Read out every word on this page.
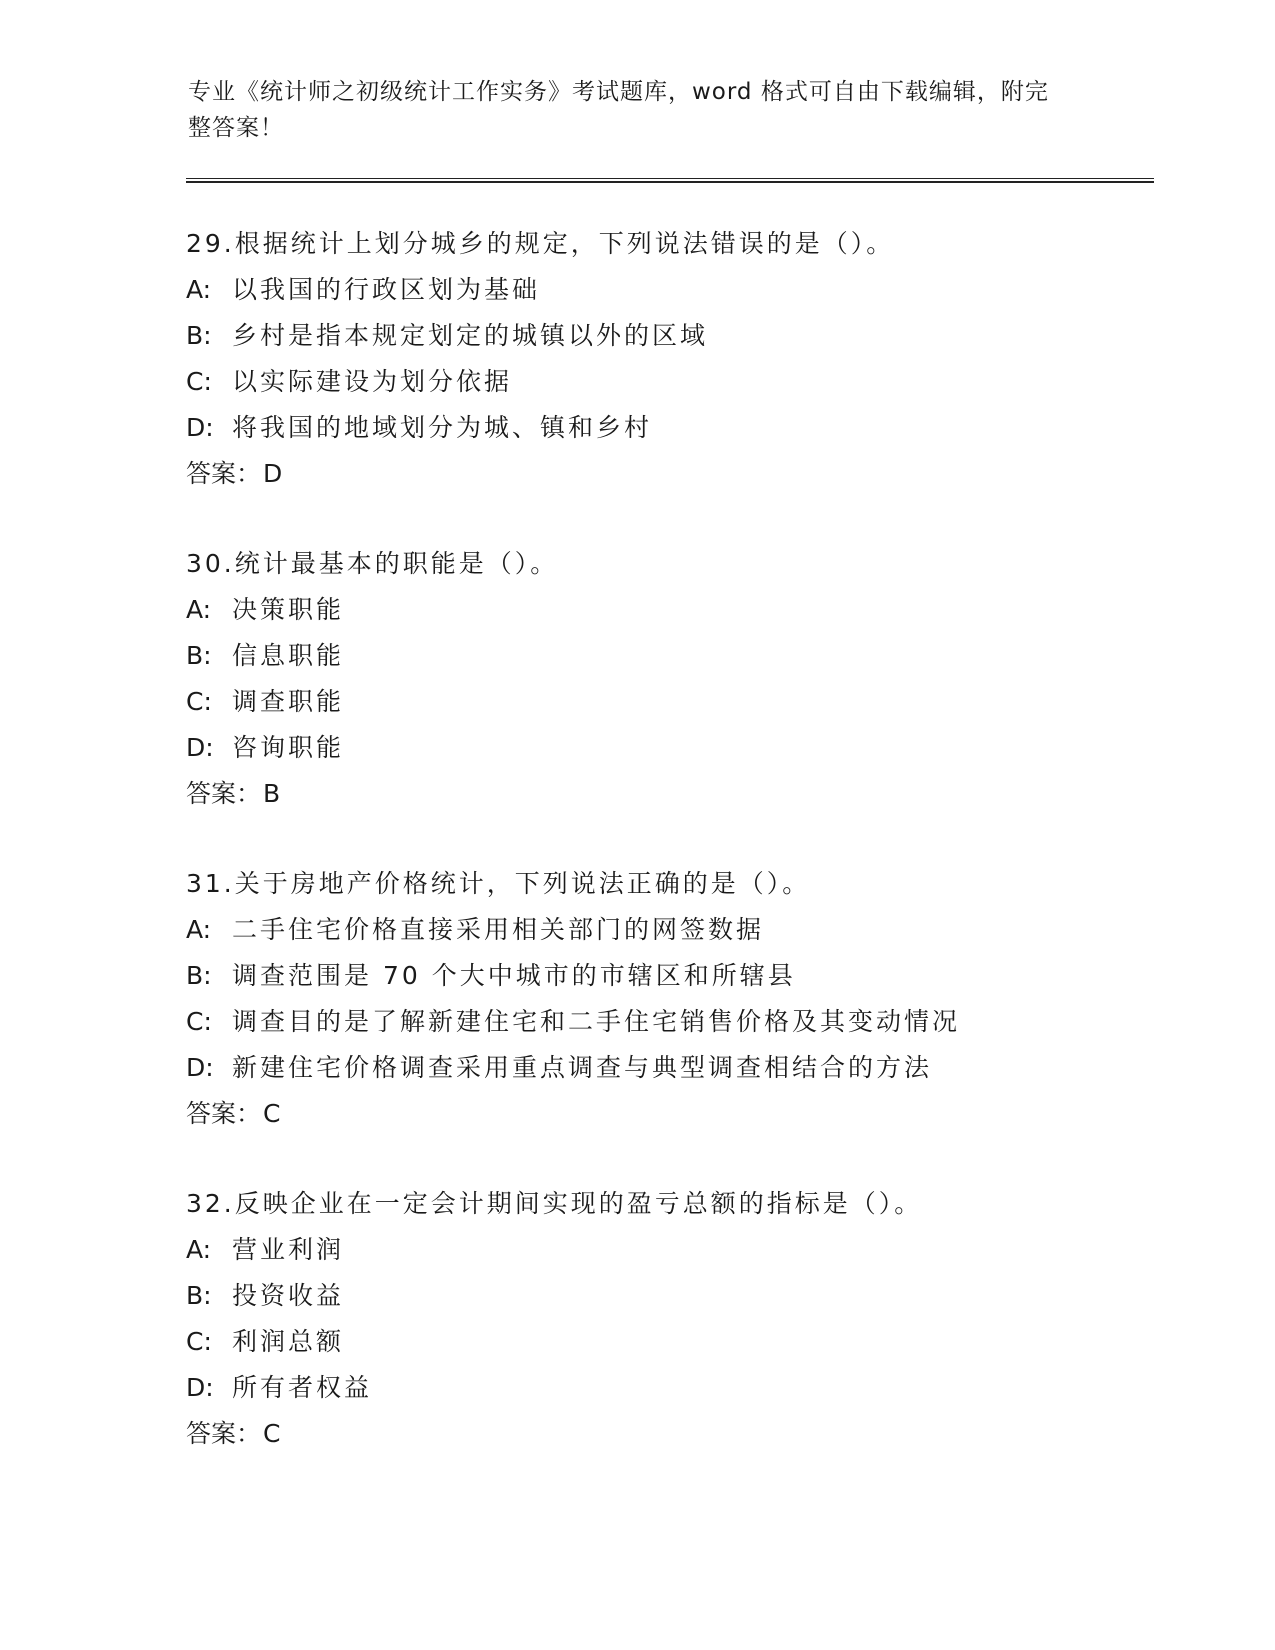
专业《统计师之初级统计工作实务》考试题库，word 格式可自由下载编辑，附完整答案！
29.根据统计上划分城乡的规定，下列说法错误的是（）。
A: 以我国的行政区划为基础
B: 乡村是指本规定划定的城镇以外的区域
C: 以实际建设为划分依据
D: 将我国的地域划分为城、镇和乡村
答案：D
30.统计最基本的职能是（）。
A: 决策职能
B: 信息职能
C: 调查职能
D: 咨询职能
答案：B
31.关于房地产价格统计，下列说法正确的是（）。
A: 二手住宅价格直接采用相关部门的网签数据
B: 调查范围是 70 个大中城市的市辖区和所辖县
C: 调查目的是了解新建住宅和二手住宅销售价格及其变动情况
D: 新建住宅价格调查采用重点调查与典型调查相结合的方法
答案：C
32.反映企业在一定会计期间实现的盈亏总额的指标是（）。
A: 营业利润
B: 投资收益
C: 利润总额
D: 所有者权益
答案：C
